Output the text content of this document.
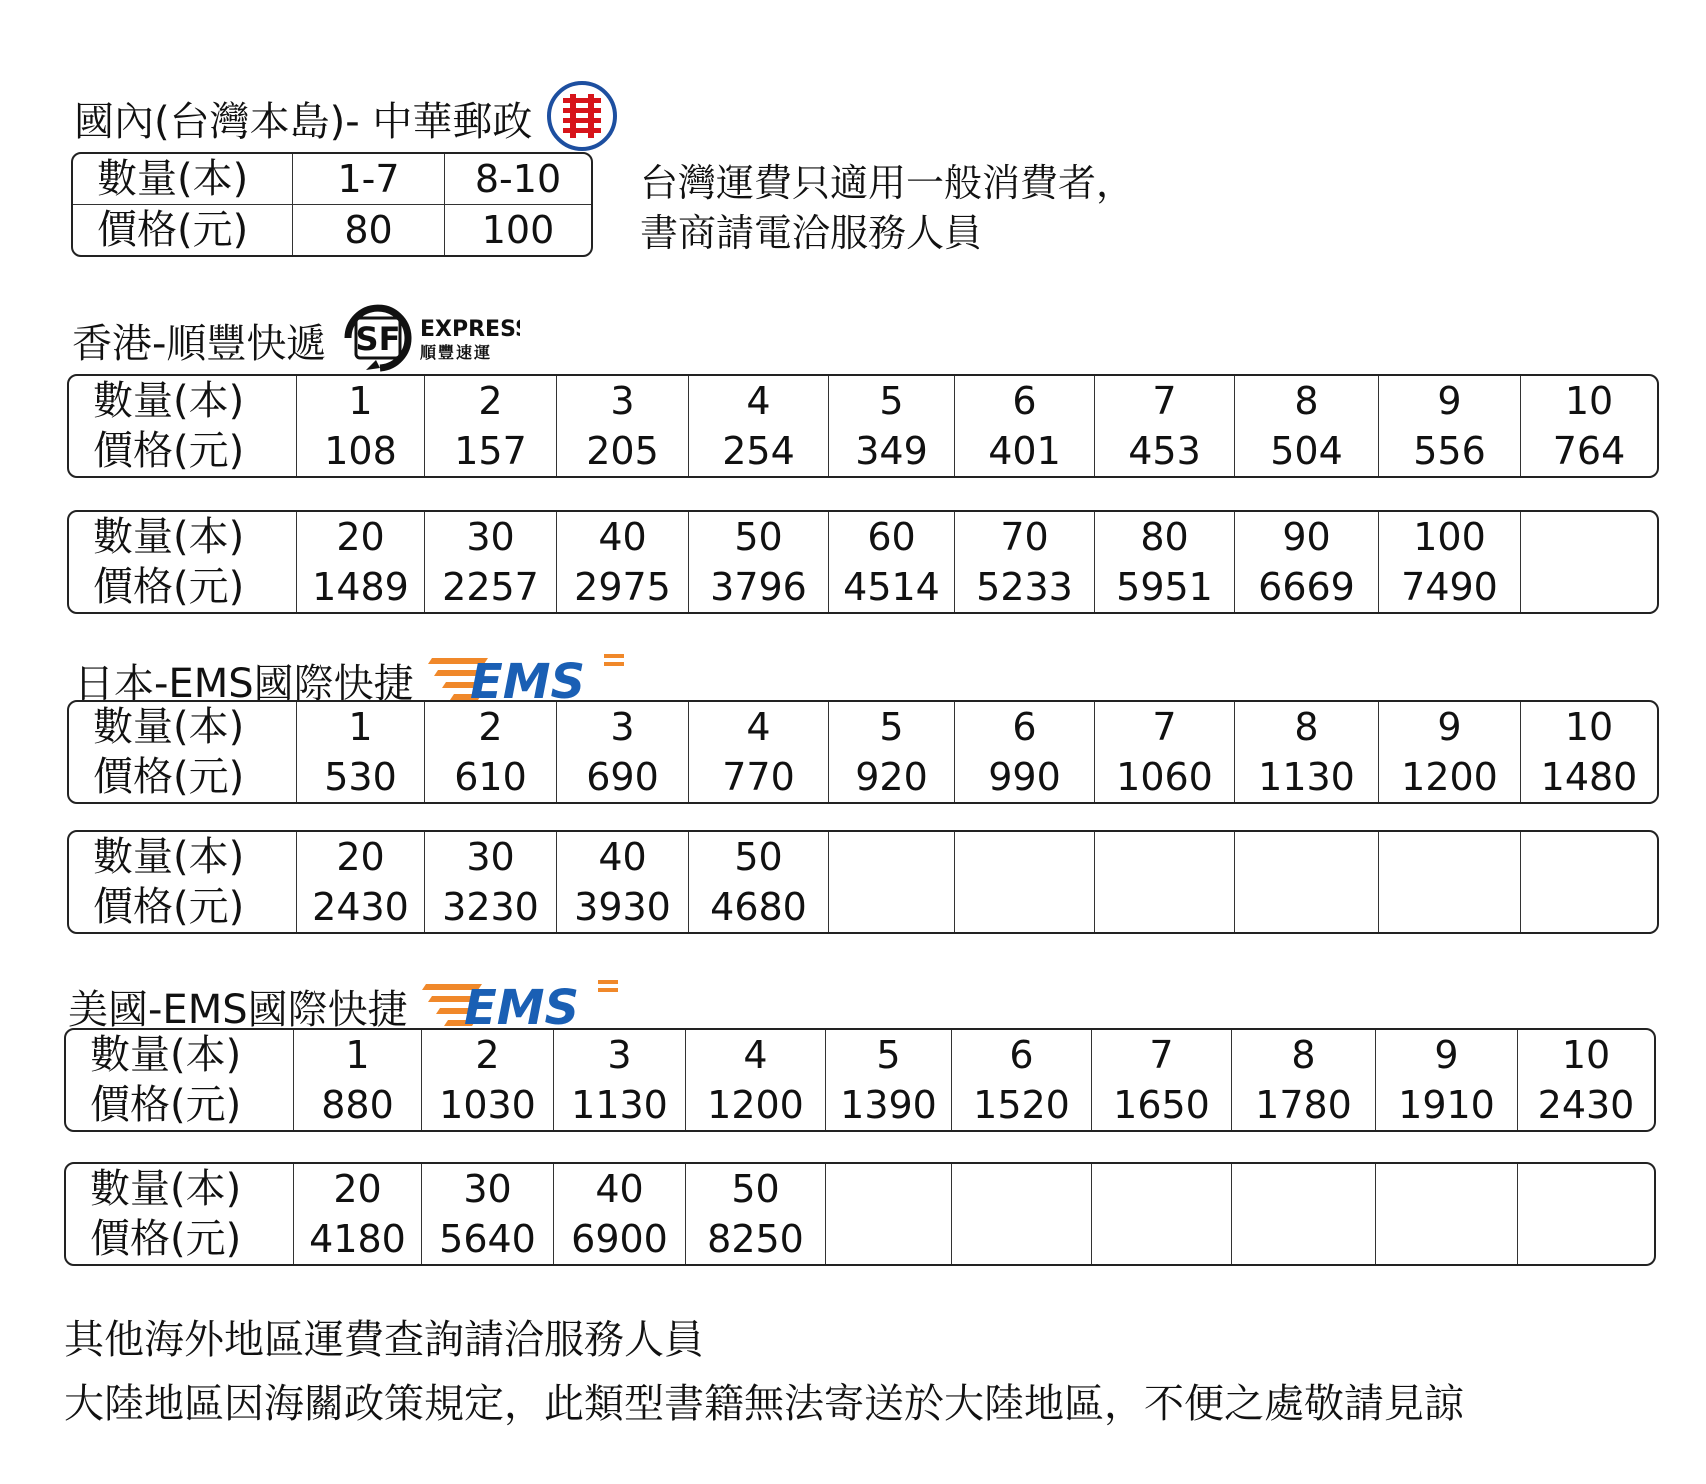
國內(台灣本島)- 中華郵政
數量(本)	1-7	8-10
價格(元)	80	100
台灣運費只適用一般消費者，
書商請電洽服務人員
香港-順豐快遞 SF EXPRESS
順豐速運
數量(本)	1	2	3	4	5	6	7	8	9	10
價格(元)	108	157	205	254	349	401	453	504	556	764
數量(本)	20	30	40	50	60	70	80	90	100	
價格(元)	1489	2257	2975	3796	4514	5233	5951	6669	7490	
日本-EMS國際快捷 EMS
數量(本)	1	2	3	4	5	6	7	8	9	10
價格(元)	530	610	690	770	920	990	1060	1130	1200	1480
數量(本)	20	30	40	50						
價格(元)	2430	3230	3930	4680						
美國-EMS國際快捷 EMS
數量(本)	1	2	3	4	5	6	7	8	9	10
價格(元)	880	1030	1130	1200	1390	1520	1650	1780	1910	2430
數量(本)	20	30	40	50						
價格(元)	4180	5640	6900	8250						
其他海外地區運費查詢請洽服務人員
大陸地區因海關政策規定，此類型書籍無法寄送於大陸地區，不便之處敬請見諒
